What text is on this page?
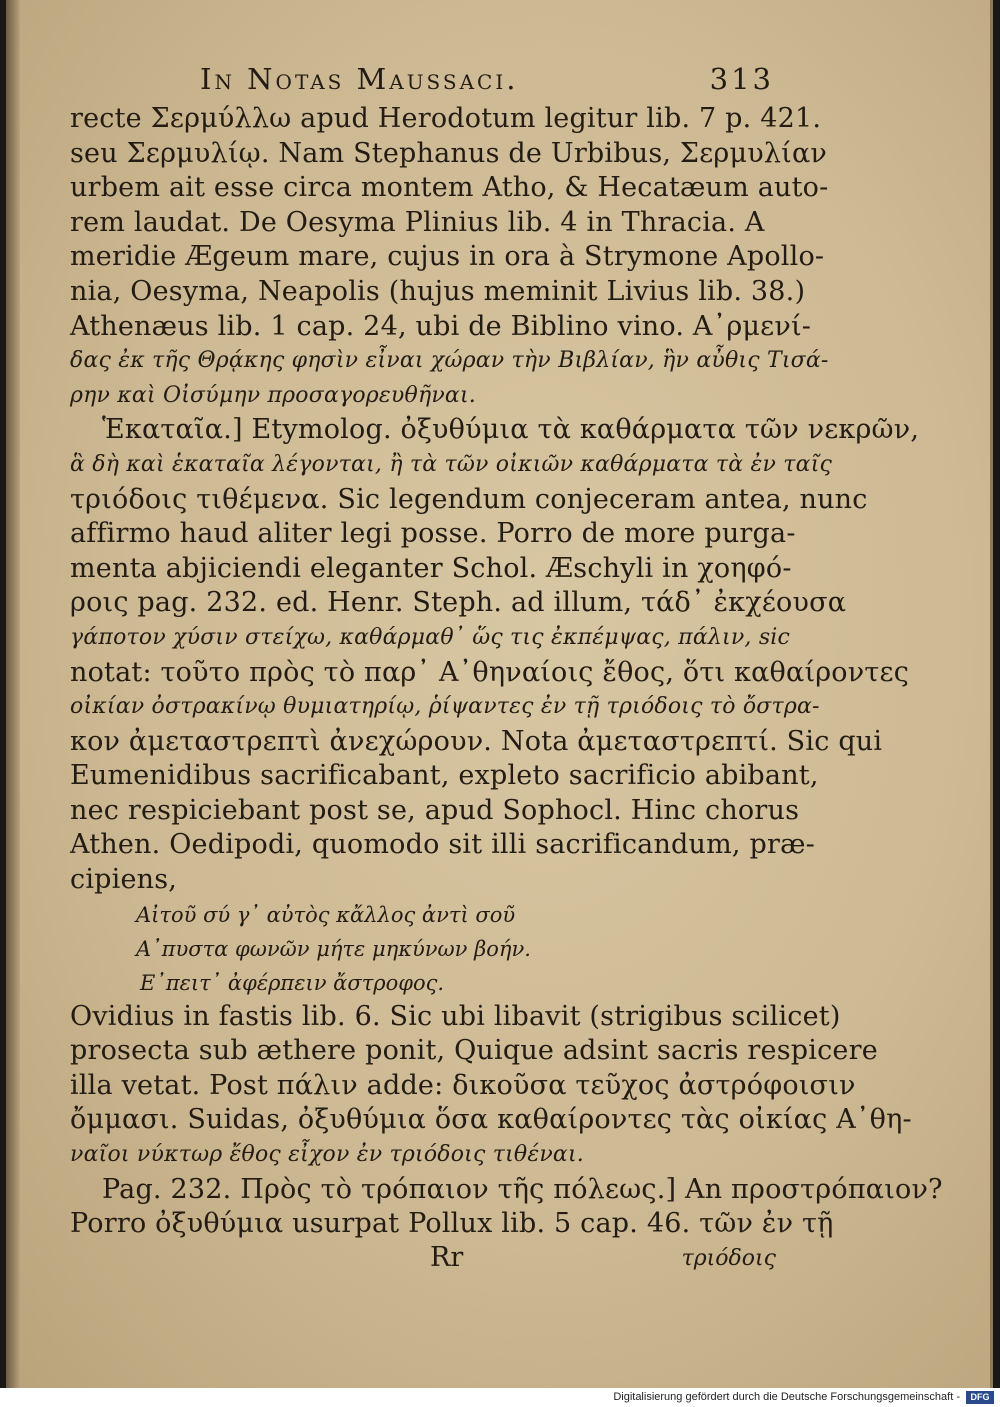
In Notas Maussaci.	313
recte Σερμύλλω apud Herodotum legitur lib. 7 p. 421.
seu Σερμυλίῳ. Nam Stephanus de Urbibus, Σερμυλίαν
urbem ait esse circa montem Atho, & Hecatæum auto-
rem laudat. De Oesyma Plinius lib. 4 in Thracia. A
meridie Ægeum mare, cujus in ora à Strymone Apollo-
nia, Oesyma, Neapolis (hujus meminit Livius lib. 38.)
Athenæus lib. 1 cap. 24, ubi de Biblino vino. Α᾽ρμενί-
δας ἐκ τῆς Θρᾴκης φησὶν εἶναι χώραν τὴν Βιβλίαν, ἣν αὖθις Τισά-
ρην καὶ Οἰσύμην προσαγορευθῆναι.
Ἑκαταῖα.] Etymolog. ὀξυθύμια τὰ καθάρματα τῶν νεκρῶν,
ἃ δὴ καὶ ἑκαταῖα λέγονται, ἢ τὰ τῶν οἰκιῶν καθάρματα τὰ ἐν ταῖς
τριόδοις τιθέμενα. Sic legendum conjeceram antea, nunc
affirmo haud aliter legi posse. Porro de more purga-
menta abjiciendi eleganter Schol. Æschyli in χοηφό-
ροις pag. 232. ed. Henr. Steph. ad illum, τάδ᾽ ἐκχέουσα
γάποτον χύσιν στείχω, καθάρμαθ᾽ ὥς τις ἐκπέμψας, πάλιν, sic
notat: τοῦτο πρὸς τὸ παρ᾽ Α᾽θηναίοις ἔθος, ὅτι καθαίροντες
οἰκίαν ὀστρακίνῳ θυμιατηρίῳ, ῥίψαντες ἐν τῇ τριόδοις τὸ ὄστρα-
κον ἀμεταστρεπτὶ ἀνεχώρουν. Nota ἀμεταστρεπτί. Sic qui
Eumenidibus sacrificabant, expleto sacrificio abibant,
nec respiciebant post se, apud Sophocl. Hinc chorus
Athen. Oedipodi, quomodo sit illi sacrificandum, præ-
cipiens,
Αἰτοῦ σύ γ᾽ αὐτὸς κἄλλος ἀντὶ σοῦ
Α᾽πυστα φωνῶν μήτε μηκύνων βοήν.
Ε᾽πειτ᾽ ἀφέρπειν ἄστροφος.
Ovidius in fastis lib. 6. Sic ubi libavit (strigibus scilicet)
prosecta sub æthere ponit, Quique adsint sacris respicere
illa vetat. Post πάλιν adde: δικοῦσα τεῦχος ἀστρόφοισιν
ὄμμασι. Suidas, ὀξυθύμια ὅσα καθαίροντες τὰς οἰκίας Α᾽θη-
ναῖοι νύκτωρ ἔθος εἶχον ἐν τριόδοις τιθέναι.
Pag. 232. Πρὸς τὸ τρόπαιον τῆς πόλεως.] An προστρόπαιον?
Porro ὀξυθύμια usurpat Pollux lib. 5 cap. 46. τῶν ἐν τῇ
Rr	τριόδοις
Digitalisierung gefördert durch die Deutsche Forschungsgemeinschaft -	DFG
